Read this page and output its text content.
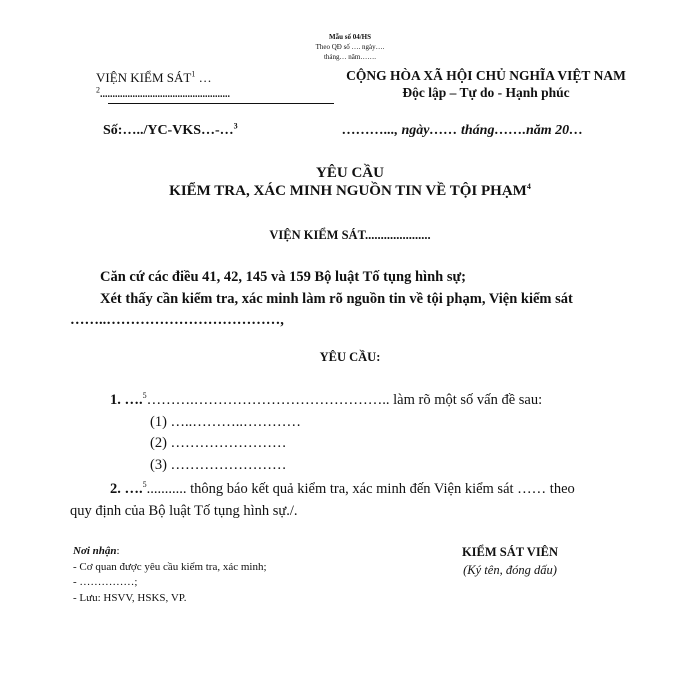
Mẫu số 04/HS
Theo QĐ số …. ngày….
tháng… năm…….
VIỆN KIỂM SÁT$^1$ …
$^2$....................................................
CỘNG HÒA XÃ HỘI CHỦ NGHĨA VIỆT NAM
Độc lập – Tự do - Hạnh phúc
Số:…../YC-VKS…-…$^3$	………..., ngày…… tháng…….năm 20…
YÊU CẦU
KIỂM TRA, XÁC MINH NGUỒN TIN VỀ TỘI PHẠM$^4$
VIỆN KIỂM SÁT.....................
Căn cứ các điều 41, 42, 145 và 159 Bộ luật Tố tụng hình sự;
Xét thấy cần kiểm tra, xác minh làm rõ nguồn tin về tội phạm, Viện kiểm sát
……..………………………………,
YÊU CẦU:
1. ….$^5$……….………………………………….. làm rõ một số vấn đề sau:
(1) …..………..…………
(2) ……………………
(3) ……………………
2. ….$^5$........... thông báo kết quả kiểm tra, xác minh đến Viện kiểm sát …… theo
quy định của Bộ luật Tố tụng hình sự./.
Nơi nhận:
- Cơ quan được yêu cầu kiểm tra, xác minh;
- ……………;
- Lưu: HSVV, HSKS, VP.
KIỂM SÁT VIÊN
(Ký tên, đóng dấu)
